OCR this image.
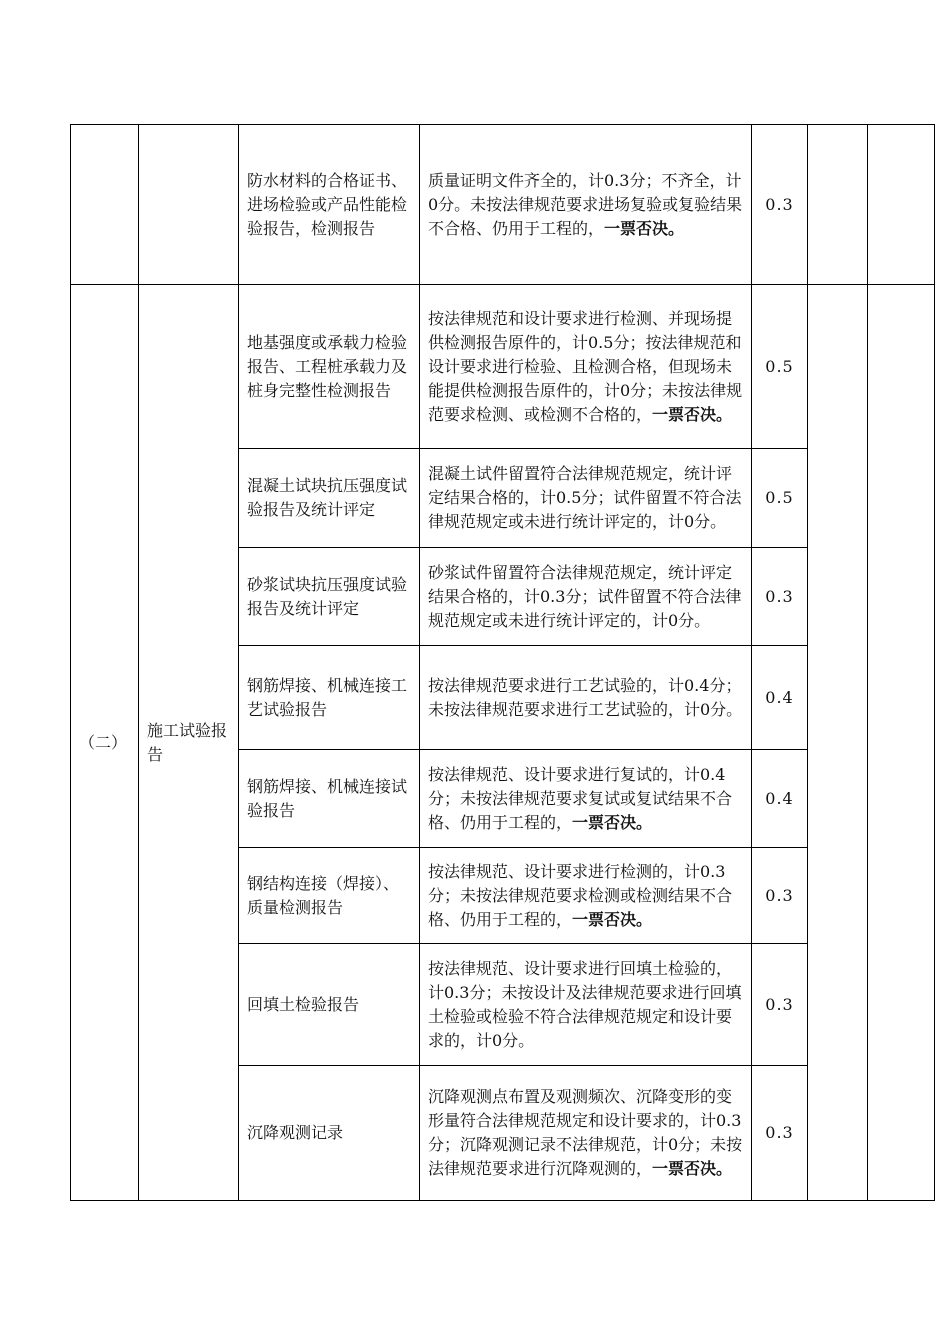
		防水材料的合格证书、进场检验或产品性能检验报告，检测报告	质量证明文件齐全的，计0.3分；不齐全，计0分。未按法律规范要求进场复验或复验结果不合格、仍用于工程的，一票否决。	0.3		
（二）	施工试验报告	地基强度或承载力检验报告、工程桩承载力及桩身完整性检测报告	按法律规范和设计要求进行检测、并现场提供检测报告原件的，计0.5分；按法律规范和设计要求进行检验、且检测合格，但现场未能提供检测报告原件的，计0分；未按法律规范要求检测、或检测不合格的，一票否决。	0.5		
		混凝土试块抗压强度试验报告及统计评定	混凝土试件留置符合法律规范规定，统计评定结果合格的，计0.5分；试件留置不符合法律规范规定或未进行统计评定的，计0分。	0.5		
		砂浆试块抗压强度试验报告及统计评定	砂浆试件留置符合法律规范规定，统计评定结果合格的，计0.3分；试件留置不符合法律规范规定或未进行统计评定的，计0分。	0.3		
		钢筋焊接、机械连接工艺试验报告	按法律规范要求进行工艺试验的，计0.4分；未按法律规范要求进行工艺试验的，计0分。	0.4		
		钢筋焊接、机械连接试验报告	按法律规范、设计要求进行复试的，计0.4分；未按法律规范要求复试或复试结果不合格、仍用于工程的，一票否决。	0.4		
		钢结构连接（焊接）、质量检测报告	按法律规范、设计要求进行检测的，计0.3分；未按法律规范要求检测或检测结果不合格、仍用于工程的，一票否决。	0.3		
		回填土检验报告	按法律规范、设计要求进行回填土检验的，计0.3分；未按设计及法律规范要求进行回填土检验或检验不符合法律规范规定和设计要求的，计0分。	0.3		
		沉降观测记录	沉降观测点布置及观测频次、沉降变形的变形量符合法律规范规定和设计要求的，计0.3分；沉降观测记录不法律规范，计0分；未按法律规范要求进行沉降观测的，一票否决。	0.3		
